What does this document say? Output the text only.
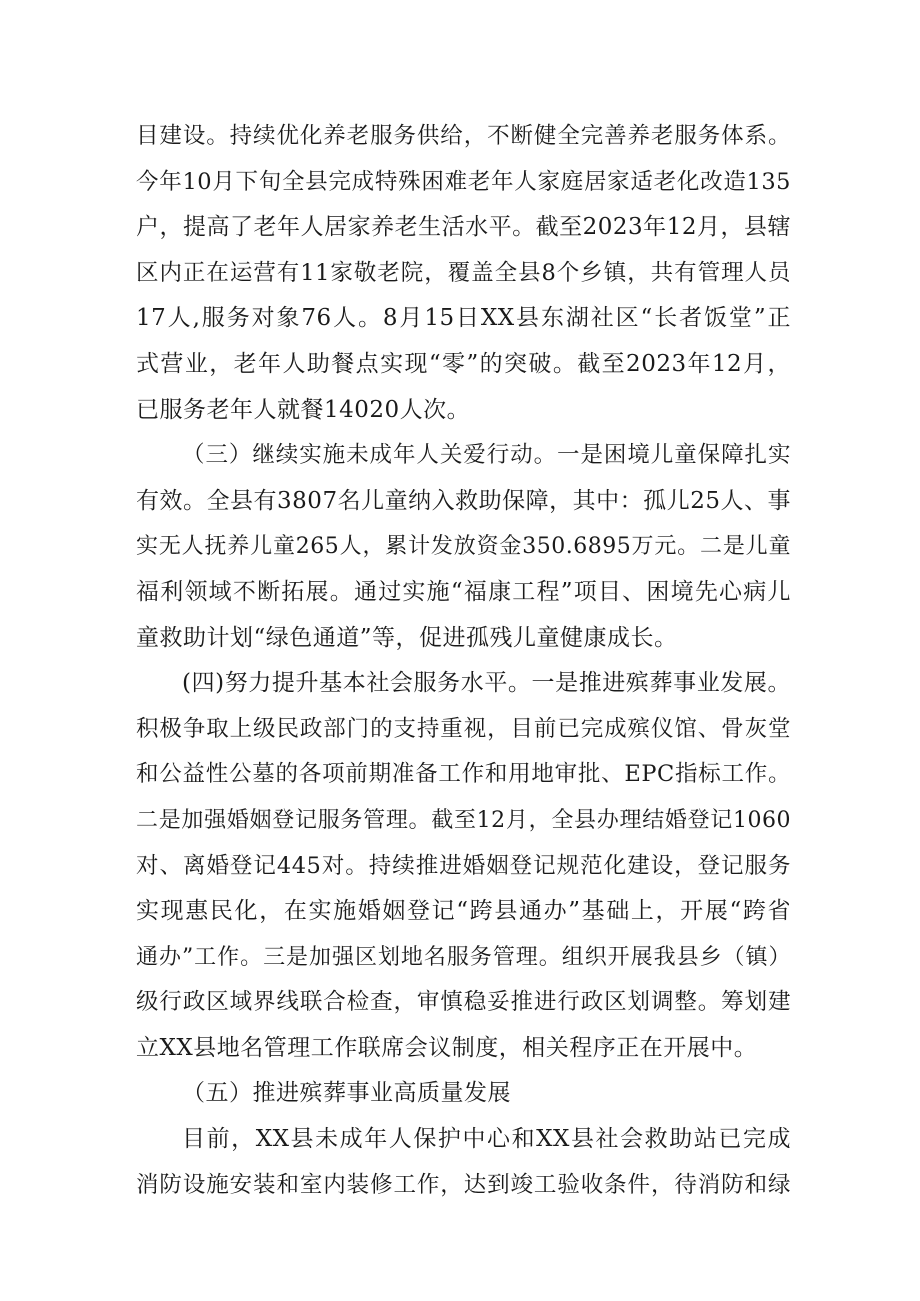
目建设。持续优化养老服务供给，不断健全完善养老服务体系。
今年10月下旬全县完成特殊困难老年人家庭居家适老化改造135
户，提高了老年人居家养老生活水平。截至2023年12月，县辖
区内正在运营有11家敬老院，覆盖全县8个乡镇，共有管理人员
17人,服务对象76人。8月15日XX县东湖社区“长者饭堂”正
式营业，老年人助餐点实现“零”的突破。截至2023年12月，
已服务老年人就餐14020人次。
（三）继续实施未成年人关爱行动。一是困境儿童保障扎实
有效。全县有3807名儿童纳入救助保障，其中：孤儿25人、事
实无人抚养儿童265人，累计发放资金350.6895万元。二是儿童
福利领域不断拓展。通过实施“福康工程”项目、困境先心病儿
童救助计划“绿色通道”等，促进孤残儿童健康成长。
(四)努力提升基本社会服务水平。一是推进殡葬事业发展。
积极争取上级民政部门的支持重视，目前已完成殡仪馆、骨灰堂
和公益性公墓的各项前期准备工作和用地审批、EPC指标工作。
二是加强婚姻登记服务管理。截至12月，全县办理结婚登记1060
对、离婚登记445对。持续推进婚姻登记规范化建设，登记服务
实现惠民化，在实施婚姻登记“跨县通办”基础上，开展“跨省
通办”工作。三是加强区划地名服务管理。组织开展我县乡（镇）
级行政区域界线联合检查，审慎稳妥推进行政区划调整。筹划建
立XX县地名管理工作联席会议制度，相关程序正在开展中。
（五）推进殡葬事业高质量发展
目前，XX县未成年人保护中心和XX县社会救助站已完成
消防设施安装和室内装修工作，达到竣工验收条件，待消防和绿
